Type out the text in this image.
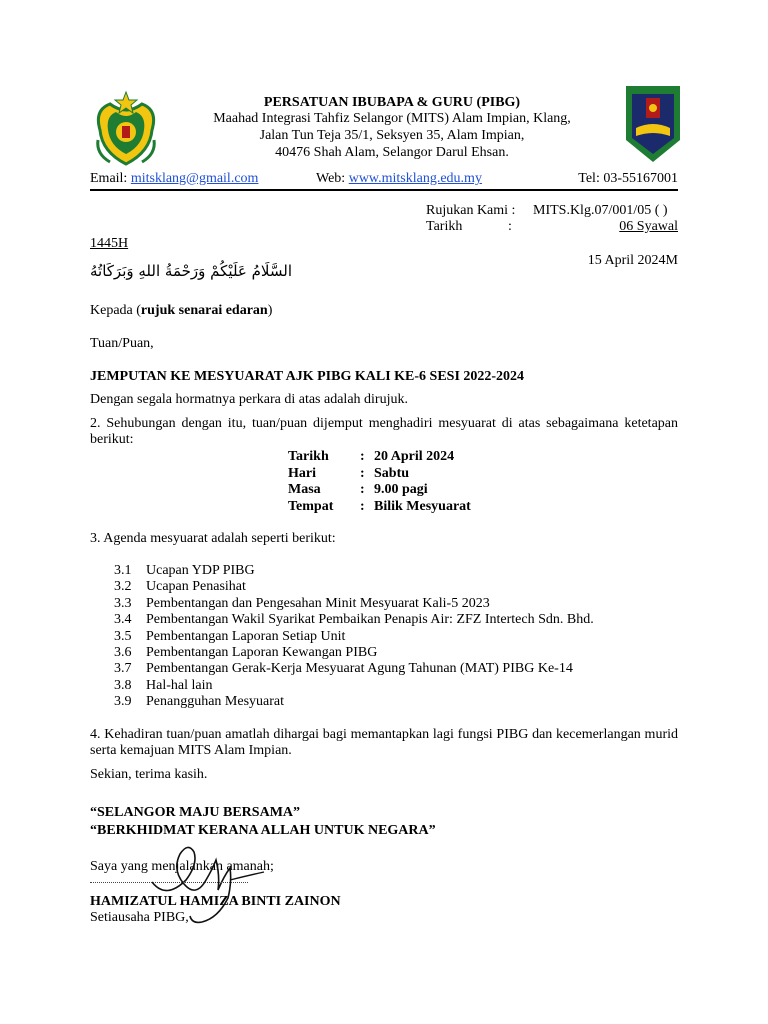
PERSATUAN IBUBAPA & GURU (PIBG)
Maahad Integrasi Tahfiz Selangor (MITS) Alam Impian, Klang,
Jalan Tun Teja 35/1, Seksyen 35, Alam Impian,
40476 Shah Alam, Selangor Darul Ehsan.
Email: mitsklang@gmail.com	Web: www.mitsklang.edu.my	Tel: 03-55167001
Rujukan Kami : MITS.Klg.07/001/05 ( )
Tarikh	:	06 Syawal
1445H
15 April 2024M
السَّلَامُ عَلَيْكُمْ وَرَحْمَةُ اللهِ وَبَرَكَاتُهُ
Kepada (rujuk senarai edaran)
Tuan/Puan,
JEMPUTAN KE MESYUARAT AJK PIBG KALI KE-6 SESI 2022-2024
Dengan segala hormatnya perkara di atas adalah dirujuk.
2. Sehubungan dengan itu, tuan/puan dijemput menghadiri mesyuarat di atas sebagaimana ketetapan berikut:
Tarikh	: 20 April 2024
Hari	: Sabtu
Masa	: 9.00 pagi
Tempat	: Bilik Mesyuarat
3. Agenda mesyuarat adalah seperti berikut:
3.1	Ucapan YDP PIBG
3.2	Ucapan Penasihat
3.3	Pembentangan dan Pengesahan Minit Mesyuarat Kali-5 2023
3.4	Pembentangan Wakil Syarikat Pembaikan Penapis Air: ZFZ Intertech Sdn. Bhd.
3.5	Pembentangan Laporan Setiap Unit
3.6	Pembentangan Laporan Kewangan PIBG
3.7	Pembentangan Gerak-Kerja Mesyuarat Agung Tahunan (MAT) PIBG Ke-14
3.8	Hal-hal lain
3.9	Penangguhan Mesyuarat
4. Kehadiran tuan/puan amatlah dihargai bagi memantapkan lagi fungsi PIBG dan kecemerlangan murid serta kemajuan MITS Alam Impian.
Sekian, terima kasih.
“SELANGOR MAJU BERSAMA”
“BERKHIDMAT KERANA ALLAH UNTUK NEGARA”
Saya yang menjalankan amanah;
HAMIZATUL HAMIZA BINTI ZAINON
Setiausaha PIBG,
